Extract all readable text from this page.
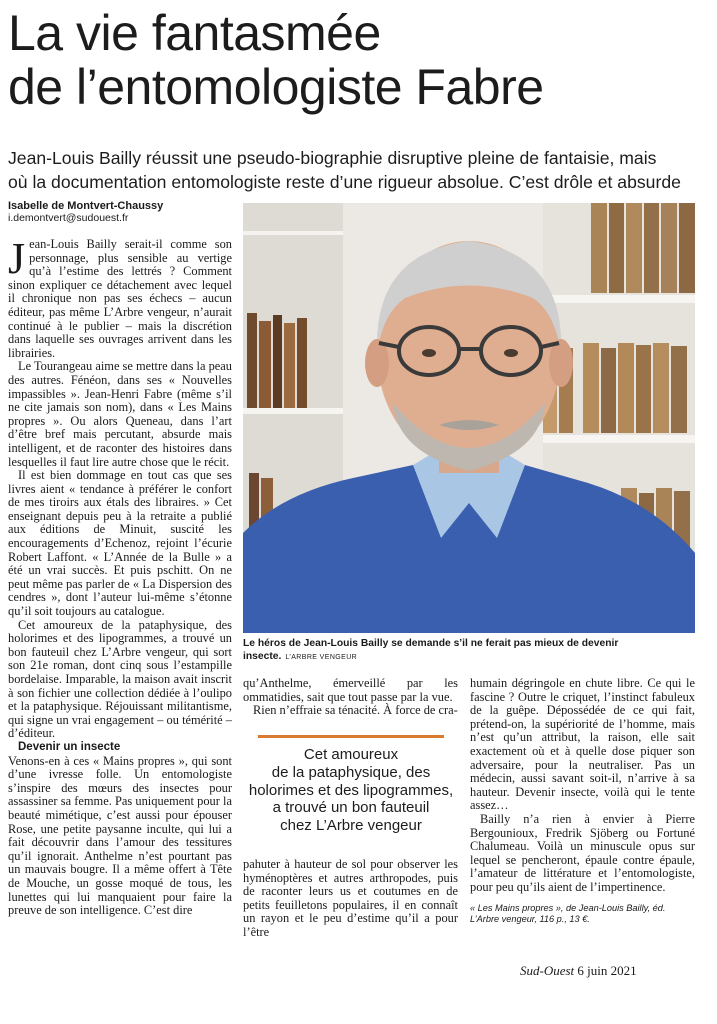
La vie fantasmée
de l’entomologiste Fabre
Jean-Louis Bailly réussit une pseudo-biographie disruptive pleine de fantaisie, mais
où la documentation entomologiste reste d’une rigueur absolue. C’est drôle et absurde
Isabelle de Montvert-Chaussy
i.demontvert@sudouest.fr

Jean-Louis Bailly serait-il comme son personnage, plus sensible au vertige qu’à l’estime des lettrés ? Comment sinon expliquer ce détachement avec lequel il chronique non pas ses échecs – aucun éditeur, pas même L’Arbre vengeur, n’aurait continué à le publier – mais la discrétion dans laquelle ses ouvrages arrivent dans les librairies.

Le Tourangeau aime se mettre dans la peau des autres. Fénéon, dans ses « Nouvelles impassibles ». Jean-Henri Fabre (même s’il ne cite jamais son nom), dans « Les Mains propres ». Ou alors Queneau, dans l’art d’être bref mais percutant, absurde mais intelligent, et de raconter des histoires dans lesquelles il faut lire autre chose que le récit.

Il est bien dommage en tout cas que ses livres aient « tendance à préférer le confort de mes tiroirs aux étals des libraires. » Cet enseignant depuis peu à la retraite a publié aux éditions de Minuit, suscité les encouragements d’Echenoz, rejoint l’écurie Robert Laffont. « L’Année de la Bulle » a été un vrai succès. Et puis pschitt. On ne peut même pas parler de « La Dispersion des cendres », dont l’auteur lui-même s’étonne qu’il soit toujours au catalogue.

Cet amoureux de la pataphysique, des holorimes et des lipogrammes, a trouvé un bon fauteuil chez L’Arbre vengeur, qui sort son 21e roman, dont cinq sous l’estampille bordelaise. Imparable, la maison avait inscrit à son fichier une collection dédiée à l’oulipo et la pataphysique. Réjouissant militantisme, qui signe un vrai engagement – ou témérité – d’éditeur.

Devenir un insecte

Venons-en à ces « Mains propres », qui sont d’une ivresse folle. Un entomologiste s’inspire des mœurs des insectes pour assassiner sa femme. Pas uniquement pour la beauté mimétique, c’est aussi pour épouser Rose, une petite paysanne inculte, qui lui a fait découvrir dans l’amour des tessitures qu’il ignorait. Anthelme n’est pourtant pas un mauvais bougre. Il a même offert à Tête de Mouche, un gosse moqué de tous, les lunettes qui lui manquaient pour faire la preuve de son intelligence. C’est dire

Le héros de Jean-Louis Bailly se demande s’il ne ferait pas mieux de devenir insecte. L’ARBRE VENGEUR

qu’Anthelme, émerveillé par les ommatidies, sait que tout passe par la vue.

Rien n’effraie sa ténacité. À force de cra-

Cet amoureux
de la pataphysique, des
holorimes et des lipogrammes,
a trouvé un bon fauteuil
chez L’Arbre vengeur

pahuter à hauteur de sol pour observer les hyménoptères et autres arthropodes, puis de raconter leurs us et coutumes en de petits feuilletons populaires, il en connaît un rayon et le peu d’estime qu’il a pour l’être

humain dégringole en chute libre. Ce qui le fascine ? Outre le criquet, l’instinct fabuleux de la guêpe. Dépossédée de ce qui fait, prétend-on, la supériorité de l’homme, mais n’est qu’un attribut, la raison, elle sait exactement où et à quelle dose piquer son adversaire, pour la neutraliser. Pas un médecin, aussi savant soit-il, n’arrive à sa hauteur. Devenir insecte, voilà qui le tente assez…

Bailly n’a rien à envier à Pierre Bergounioux, Fredrik Sjöberg ou Fortuné Chalumeau. Voilà un minuscule opus sur lequel se pencheront, épaule contre épaule, l’amateur de littérature et l’entomologiste, pour peu qu’ils aient de l’impertinence.

« Les Mains propres », de Jean-Louis Bailly, éd. L’Arbre vengeur, 116 p., 13 €.
Sud-Ouest 6 juin 2021
